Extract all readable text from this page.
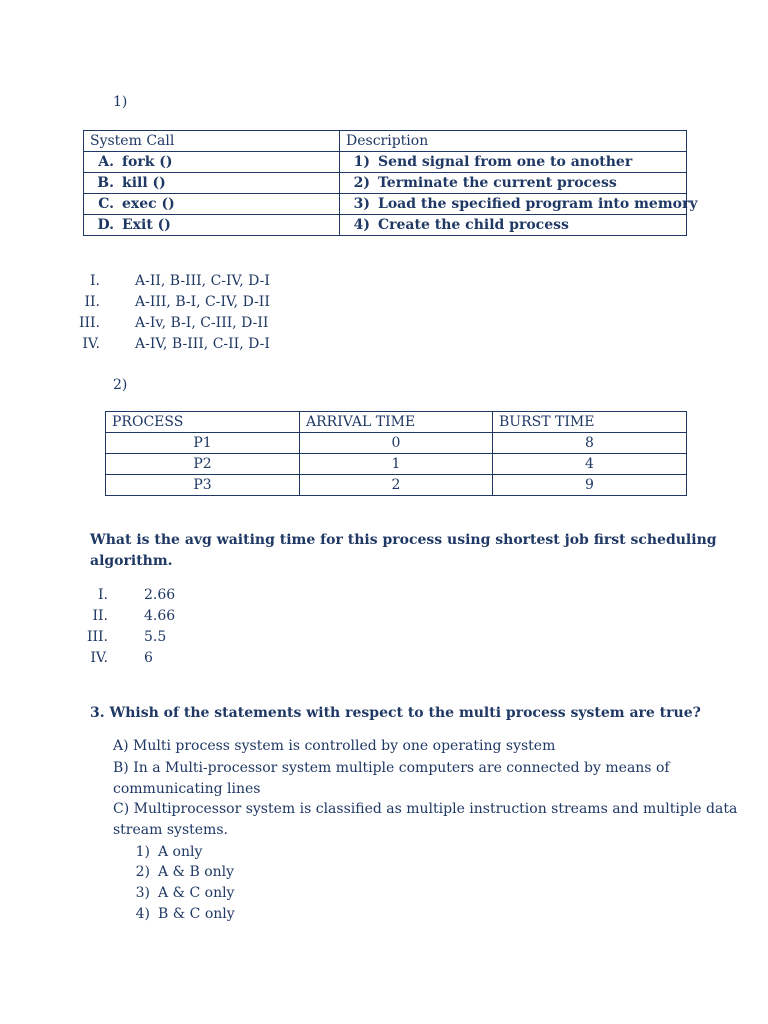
1)
System Call	Description
A. fork ()	1) Send signal from one to another
B. kill ()	2) Terminate the current process
C. exec ()	3) Load the specified program into memory
D. Exit ()	4) Create the child process
I.	A-II, B-III, C-IV, D-I
II.	A-III, B-I, C-IV, D-II
III.	A-Iv, B-I, C-III, D-II
IV.	A-IV, B-III, C-II, D-I
2)
PROCESS	ARRIVAL TIME	BURST TIME
P1	0	8
P2	1	4
P3	2	9
What is the avg waiting time for this process using shortest job first scheduling
algorithm.
I.	2.66
II.	4.66
III.	5.5
IV.	6
3. Whish of the statements with respect to the multi process system are true?
A) Multi process system is controlled by one operating system
B) In a Multi-processor system multiple computers are connected by means of
communicating lines
C) Multiprocessor system is classified as multiple instruction streams and multiple data
stream systems.
1) A only
2) A & B only
3) A & C only
4) B & C only
